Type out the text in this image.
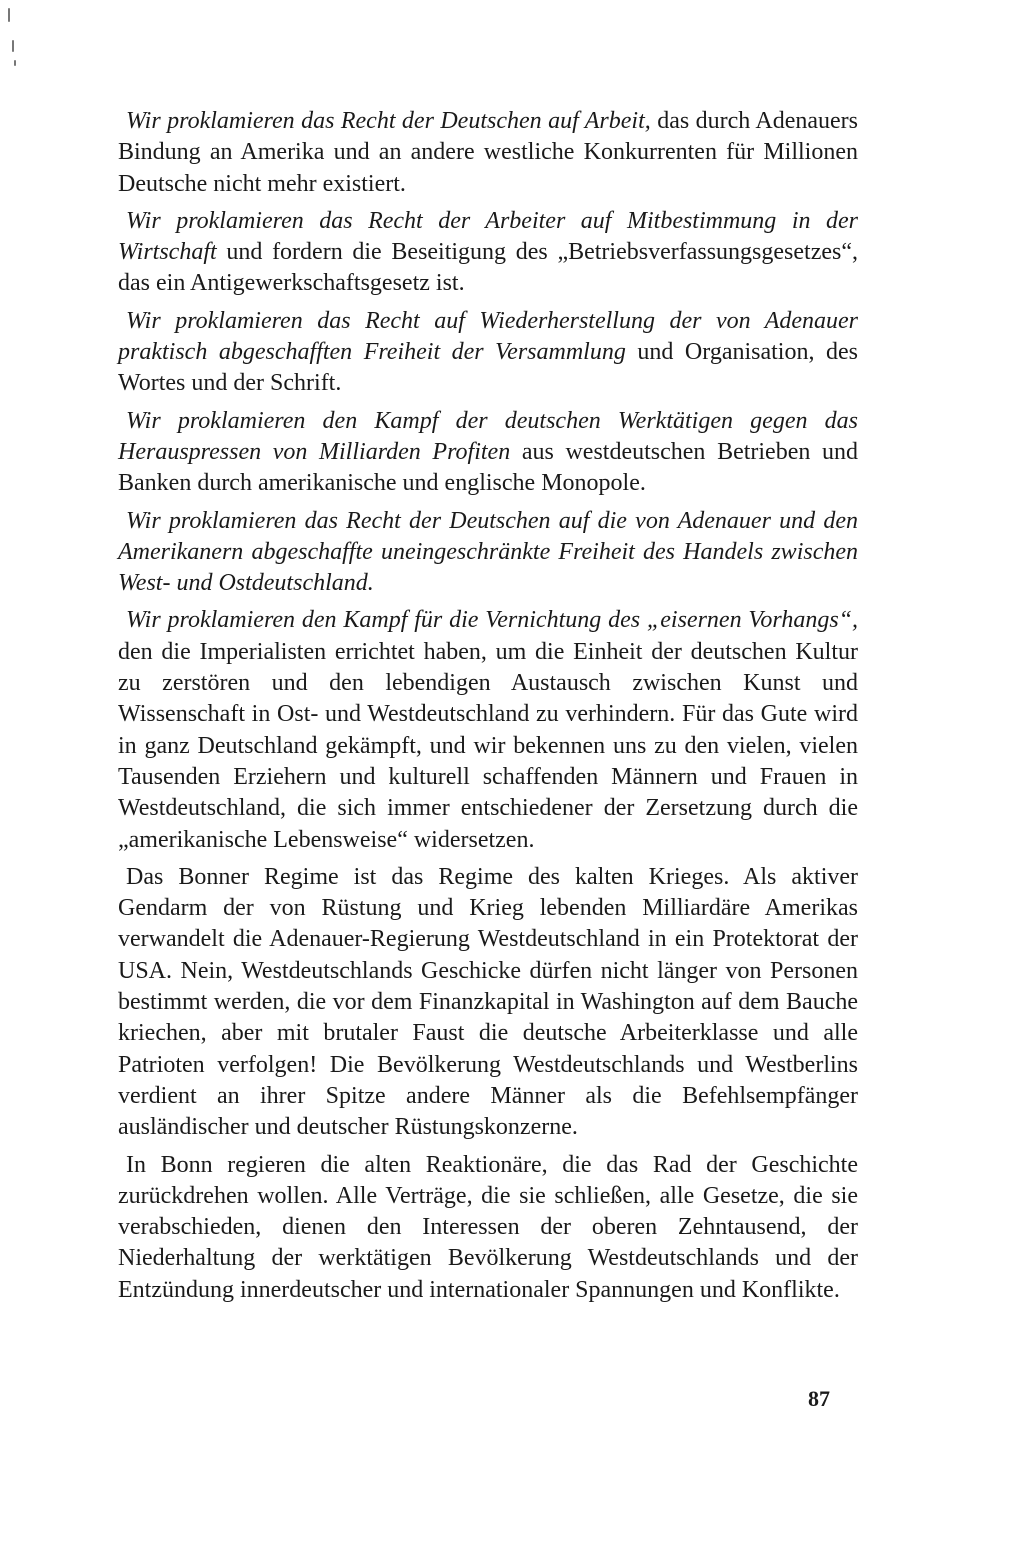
Wir proklamieren das Recht der Deutschen auf Arbeit, das durch Adenauers Bindung an Amerika und an andere westliche Konkurrenten für Millionen Deutsche nicht mehr existiert.

Wir proklamieren das Recht der Arbeiter auf Mitbestimmung in der Wirtschaft und fordern die Beseitigung des „Betriebsverfassungsgesetzes“, das ein Antigewerkschaftsgesetz ist.

Wir proklamieren das Recht auf Wiederherstellung der von Adenauer praktisch abgeschafften Freiheit der Versammlung und Organisation, des Wortes und der Schrift.

Wir proklamieren den Kampf der deutschen Werktätigen gegen das Herauspressen von Milliarden Profiten aus westdeutschen Betrieben und Banken durch amerikanische und englische Monopole.

Wir proklamieren das Recht der Deutschen auf die von Adenauer und den Amerikanern abgeschaffte uneingeschränkte Freiheit des Handels zwischen West- und Ostdeutschland.

Wir proklamieren den Kampf für die Vernichtung des „eisernen Vorhangs“, den die Imperialisten errichtet haben, um die Einheit der deutschen Kultur zu zerstören und den lebendigen Austausch zwischen Kunst und Wissenschaft in Ost- und Westdeutschland zu verhindern. Für das Gute wird in ganz Deutschland gekämpft, und wir bekennen uns zu den vielen, vielen Tausenden Erziehern und kulturell schaffenden Männern und Frauen in Westdeutschland, die sich immer entschiedener der Zersetzung durch die „amerikanische Lebensweise“ widersetzen.

Das Bonner Regime ist das Regime des kalten Krieges. Als aktiver Gendarm der von Rüstung und Krieg lebenden Milliardäre Amerikas verwandelt die Adenauer-Regierung Westdeutschland in ein Protektorat der USA. Nein, Westdeutschlands Geschicke dürfen nicht länger von Personen bestimmt werden, die vor dem Finanzkapital in Washington auf dem Bauche kriechen, aber mit brutaler Faust die deutsche Arbeiterklasse und alle Patrioten verfolgen! Die Bevölkerung Westdeutschlands und Westberlins verdient an ihrer Spitze andere Männer als die Befehlsempfänger ausländischer und deutscher Rüstungskonzerne.

In Bonn regieren die alten Reaktionäre, die das Rad der Geschichte zurückdrehen wollen. Alle Verträge, die sie schließen, alle Gesetze, die sie verabschieden, dienen den Interessen der oberen Zehntausend, der Niederhaltung der werktätigen Bevölkerung Westdeutschlands und der Entzündung innerdeutscher und internationaler Spannungen und Konflikte.

87
